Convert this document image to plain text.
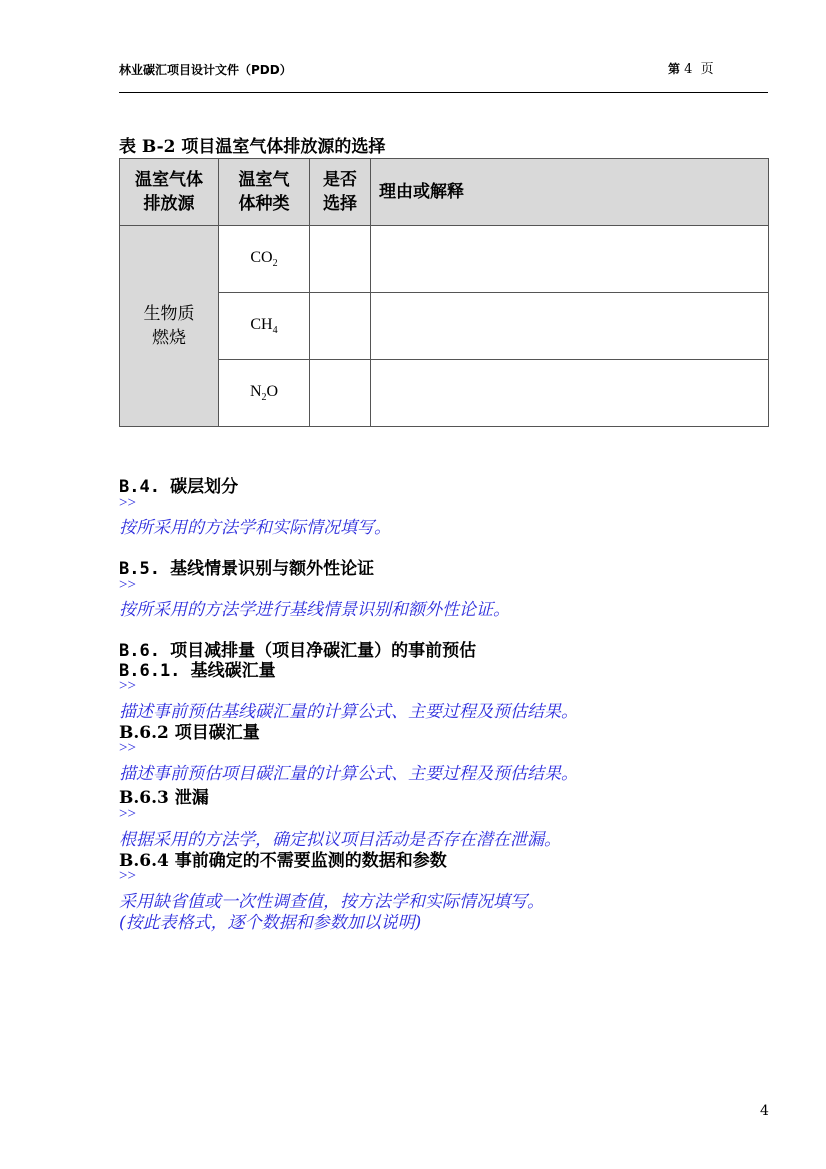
林业碳汇项目设计文件（PDD）	第 4 页
表 B-2 项目温室气体排放源的选择
温室气体排放源	温室气体种类	是否选择	理由或解释

生物质燃烧	$CO_2$		
	$CH_4$		
	$N_2O$		
B.4. 碳层划分
>>
按所采用的方法学和实际情况填写。
B.5. 基线情景识别与额外性论证
>>
按所采用的方法学进行基线情景识别和额外性论证。
B.6. 项目减排量（项目净碳汇量）的事前预估
B.6.1. 基线碳汇量
>>
描述事前预估基线碳汇量的计算公式、主要过程及预估结果。
B.6.2 项目碳汇量
>>
描述事前预估项目碳汇量的计算公式、主要过程及预估结果。
B.6.3 泄漏
>>
根据采用的方法学，确定拟议项目活动是否存在潜在泄漏。
B.6.4 事前确定的不需要监测的数据和参数
>>
采用缺省值或一次性调查值，按方法学和实际情况填写。
(按此表格式，逐个数据和参数加以说明)
4
